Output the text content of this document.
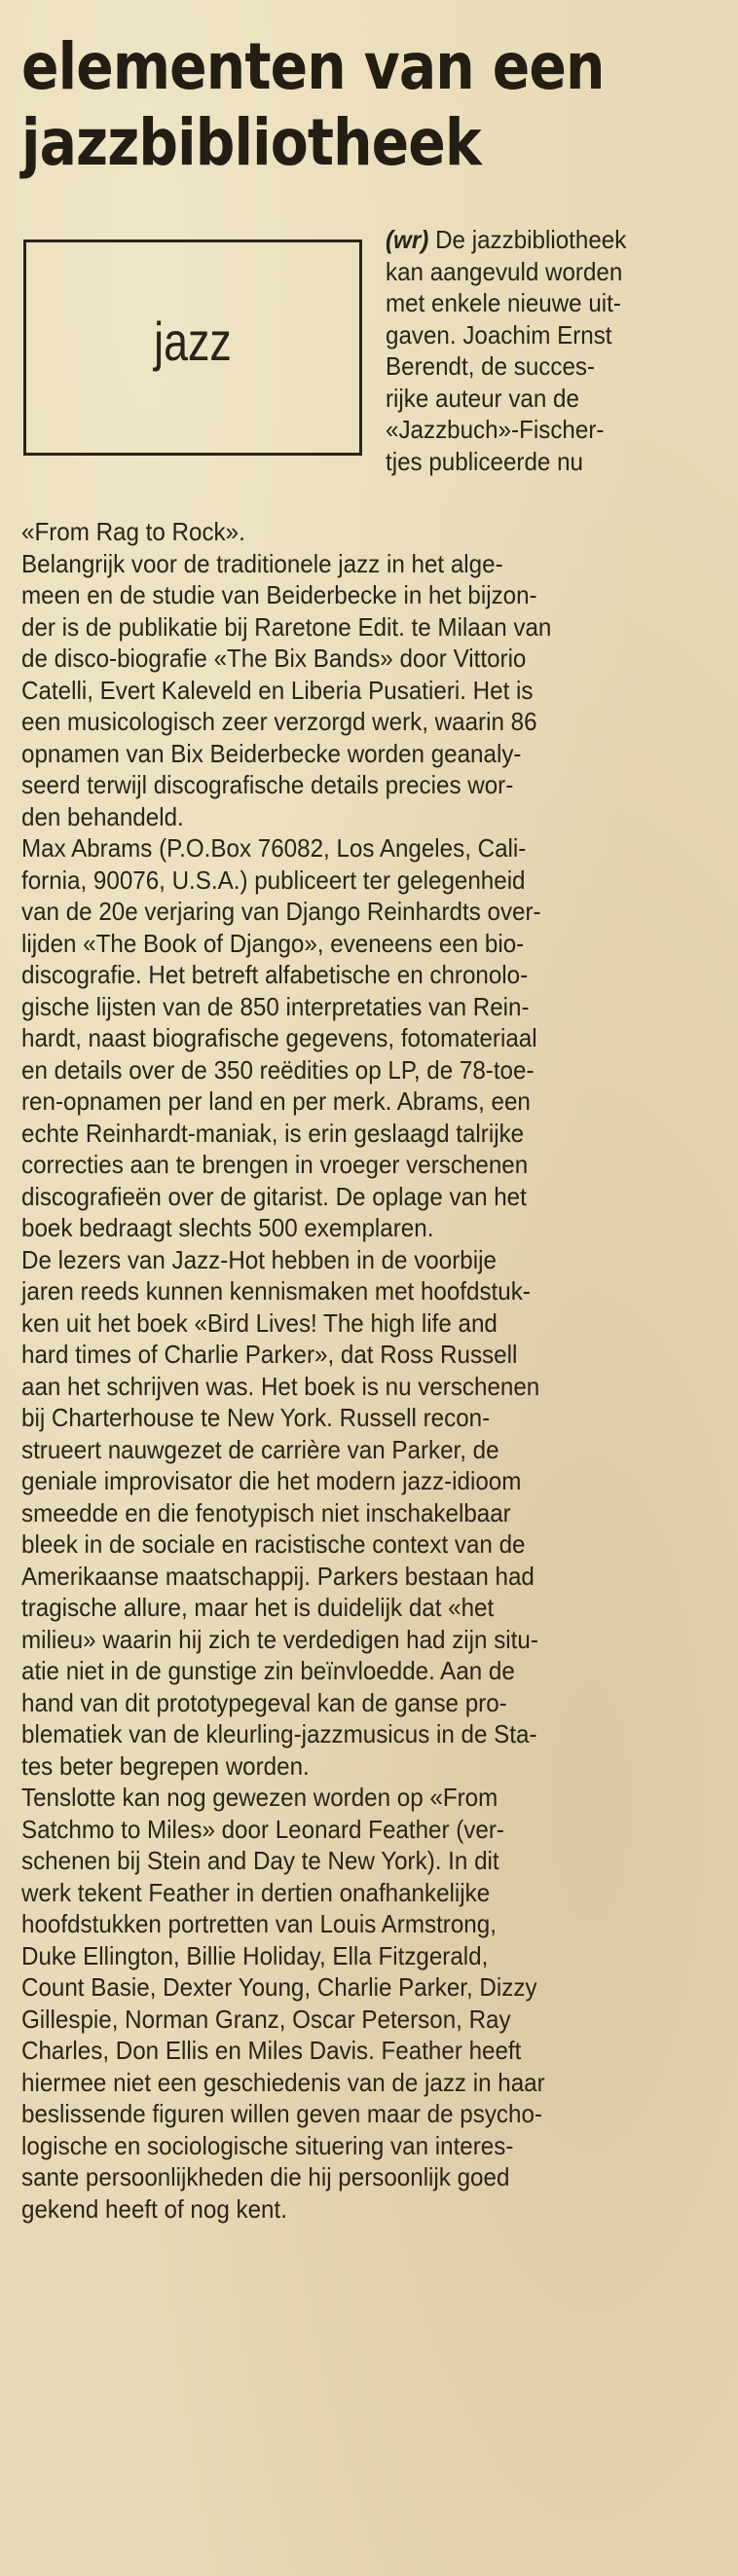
elementen van een
jazzbibliotheek
jazz
(wr) De jazzbibliotheek
kan aangevuld worden
met enkele nieuwe uit-
gaven. Joachim Ernst
Berendt, de succes-
rijke auteur van de
«Jazzbuch»-Fischer-
tjes publiceerde nu
«From Rag to Rock».
Belangrijk voor de traditionele jazz in het alge-
meen en de studie van Beiderbecke in het bijzon-
der is de publikatie bij Raretone Edit. te Milaan van
de disco-biografie «The Bix Bands» door Vittorio
Catelli, Evert Kaleveld en Liberia Pusatieri. Het is
een musicologisch zeer verzorgd werk, waarin 86
opnamen van Bix Beiderbecke worden geanaly-
seerd terwijl discografische details precies wor-
den behandeld.
Max Abrams (P.O.Box 76082, Los Angeles, Cali-
fornia, 90076, U.S.A.) publiceert ter gelegenheid
van de 20e verjaring van Django Reinhardts over-
lijden «The Book of Django», eveneens een bio-
discografie. Het betreft alfabetische en chronolo-
gische lijsten van de 850 interpretaties van Rein-
hardt, naast biografische gegevens, fotomateriaal
en details over de 350 reëdities op LP, de 78-toe-
ren-opnamen per land en per merk. Abrams, een
echte Reinhardt-maniak, is erin geslaagd talrijke
correcties aan te brengen in vroeger verschenen
discografieën over de gitarist. De oplage van het
boek bedraagt slechts 500 exemplaren.
De lezers van Jazz-Hot hebben in de voorbije
jaren reeds kunnen kennismaken met hoofdstuk-
ken uit het boek «Bird Lives! The high life and
hard times of Charlie Parker», dat Ross Russell
aan het schrijven was. Het boek is nu verschenen
bij Charterhouse te New York. Russell recon-
strueert nauwgezet de carrière van Parker, de
geniale improvisator die het modern jazz-idioom
smeedde en die fenotypisch niet inschakelbaar
bleek in de sociale en racistische context van de
Amerikaanse maatschappij. Parkers bestaan had
tragische allure, maar het is duidelijk dat «het
milieu» waarin hij zich te verdedigen had zijn situ-
atie niet in de gunstige zin beïnvloedde. Aan de
hand van dit prototypegeval kan de ganse pro-
blematiek van de kleurling-jazzmusicus in de Sta-
tes beter begrepen worden.
Tenslotte kan nog gewezen worden op «From
Satchmo to Miles» door Leonard Feather (ver-
schenen bij Stein and Day te New York). In dit
werk tekent Feather in dertien onafhankelijke
hoofdstukken portretten van Louis Armstrong,
Duke Ellington, Billie Holiday, Ella Fitzgerald,
Count Basie, Dexter Young, Charlie Parker, Dizzy
Gillespie, Norman Granz, Oscar Peterson, Ray
Charles, Don Ellis en Miles Davis. Feather heeft
hiermee niet een geschiedenis van de jazz in haar
beslissende figuren willen geven maar de psycho-
logische en sociologische situering van interes-
sante persoonlijkheden die hij persoonlijk goed
gekend heeft of nog kent.
